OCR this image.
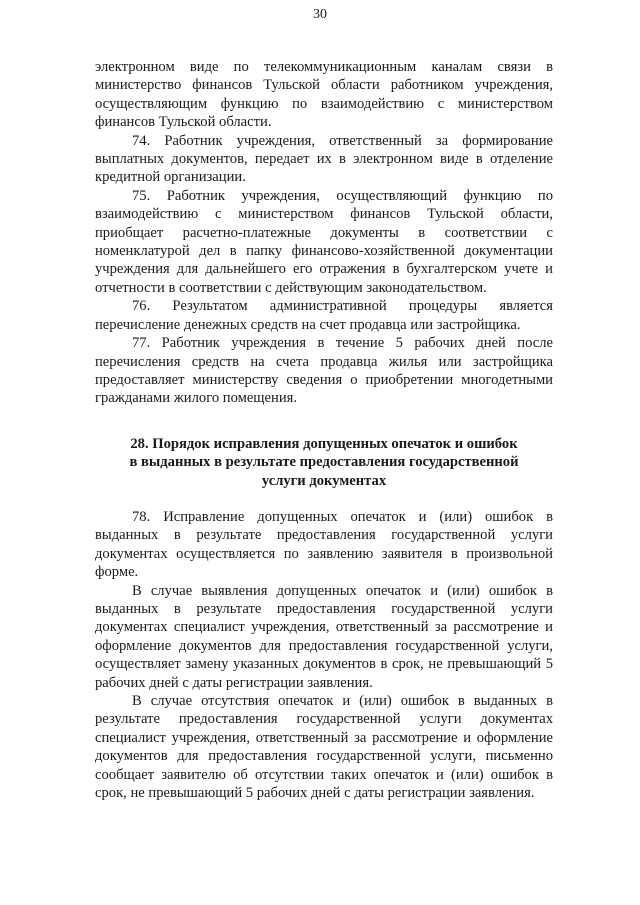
30

электронном виде по телекоммуникационным каналам связи в министерство финансов Тульской области работником учреждения, осуществляющим функцию по взаимодействию с министерством финансов Тульской области.

74. Работник учреждения, ответственный за формирование выплатных документов, передает их в электронном виде в отделение кредитной организации.

75. Работник учреждения, осуществляющий функцию по взаимодействию с министерством финансов Тульской области, приобщает расчетно-платежные документы в соответствии с номенклатурой дел в папку финансово-хозяйственной документации учреждения для дальнейшего его отражения в бухгалтерском учете и отчетности в соответствии с действующим законодательством.

76. Результатом административной процедуры является перечисление денежных средств на счет продавца или застройщика.

77. Работник учреждения в течение 5 рабочих дней после перечисления средств на счета продавца жилья или застройщика предоставляет министерству сведения о приобретении многодетными гражданами жилого помещения.

28. Порядок исправления допущенных опечаток и ошибок
в выданных в результате предоставления государственной
услуги документах

78. Исправление допущенных опечаток и (или) ошибок в выданных в результате предоставления государственной услуги документах осуществляется по заявлению заявителя в произвольной форме.

В случае выявления допущенных опечаток и (или) ошибок в выданных в результате предоставления государственной услуги документах специалист учреждения, ответственный за рассмотрение и оформление документов для предоставления государственной услуги, осуществляет замену указанных документов в срок, не превышающий 5 рабочих дней с даты регистрации заявления.

В случае отсутствия опечаток и (или) ошибок в выданных в результате предоставления государственной услуги документах специалист учреждения, ответственный за рассмотрение и оформление документов для предоставления государственной услуги, письменно сообщает заявителю об отсутствии таких опечаток и (или) ошибок в срок, не превышающий 5 рабочих дней с даты регистрации заявления.
